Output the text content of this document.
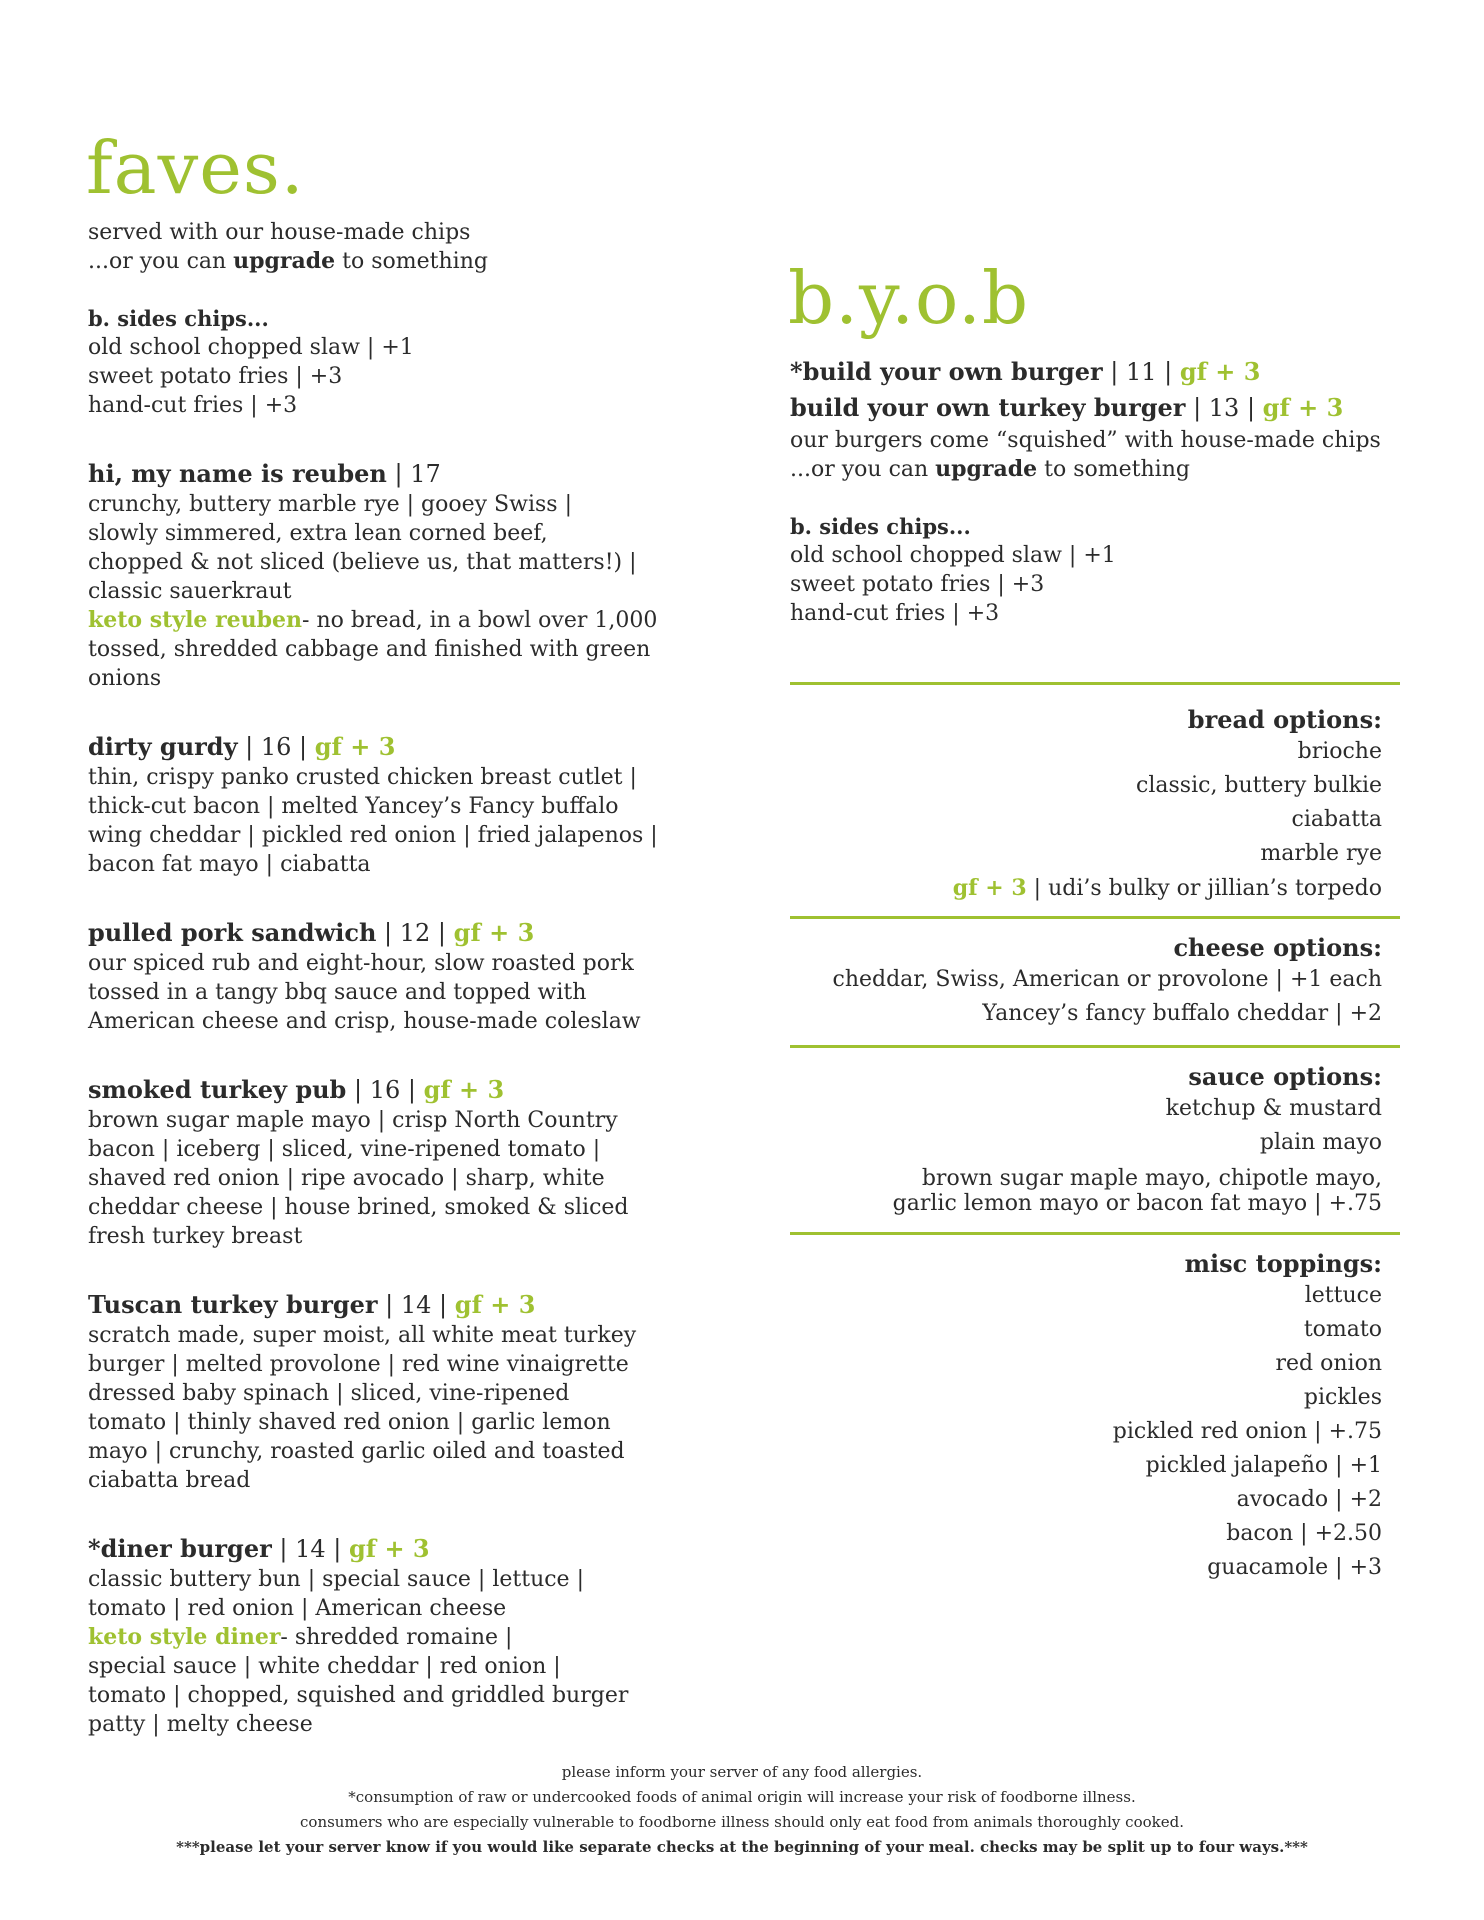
faves.

served with our house-made chips

...or you can upgrade to something

b. sides chips...

old school chopped slaw | +1

sweet potato fries | +3

hand-cut fries | +3

hi, my name is reuben | 17

crunchy, buttery marble rye | gooey Swiss |

slowly simmered, extra lean corned beef,

chopped & not sliced (believe us, that matters!) |

classic sauerkraut

keto style reuben- no bread, in a bowl over 1,000

tossed, shredded cabbage and finished with green

onions

dirty gurdy | 16 | gf + 3

thin, crispy panko crusted chicken breast cutlet |

thick-cut bacon | melted Yancey’s Fancy buffalo

wing cheddar | pickled red onion | fried jalapenos |

bacon fat mayo | ciabatta

pulled pork sandwich | 12 | gf + 3

our spiced rub and eight-hour, slow roasted pork

tossed in a tangy bbq sauce and topped with

American cheese and crisp, house-made coleslaw

smoked turkey pub | 16 | gf + 3

brown sugar maple mayo | crisp North Country

bacon | iceberg | sliced, vine-ripened tomato |

shaved red onion | ripe avocado | sharp, white

cheddar cheese | house brined, smoked & sliced

fresh turkey breast

Tuscan turkey burger | 14 | gf + 3

scratch made, super moist, all white meat turkey

burger | melted provolone | red wine vinaigrette

dressed baby spinach | sliced, vine-ripened

tomato | thinly shaved red onion | garlic lemon

mayo | crunchy, roasted garlic oiled and toasted

ciabatta bread

*diner burger | 14 | gf + 3

classic buttery bun | special sauce | lettuce |

tomato | red onion | American cheese

keto style diner- shredded romaine |

special sauce | white cheddar | red onion |

tomato | chopped, squished and griddled burger

patty | melty cheese

b.y.o.b

*build your own burger | 11 | gf + 3

build your own turkey burger | 13 | gf + 3

our burgers come “squished” with house-made chips

...or you can upgrade to something

b. sides chips...

old school chopped slaw | +1

sweet potato fries | +3

hand-cut fries | +3

bread options:

brioche

classic, buttery bulkie

ciabatta

marble rye

gf + 3 | udi’s bulky or jillian’s torpedo

cheese options:

cheddar, Swiss, American or provolone | +1 each

Yancey’s fancy buffalo cheddar | +2

sauce options:

ketchup & mustard

plain mayo

brown sugar maple mayo, chipotle mayo,

garlic lemon mayo or bacon fat mayo | +.75

misc toppings:

lettuce

tomato

red onion

pickles

pickled red onion | +.75

pickled jalapeño | +1

avocado | +2

bacon | +2.50

guacamole | +3

please inform your server of any food allergies.

*consumption of raw or undercooked foods of animal origin will increase your risk of foodborne illness.

consumers who are especially vulnerable to foodborne illness should only eat food from animals thoroughly cooked.

***please let your server know if you would like separate checks at the beginning of your meal. checks may be split up to four ways.***
